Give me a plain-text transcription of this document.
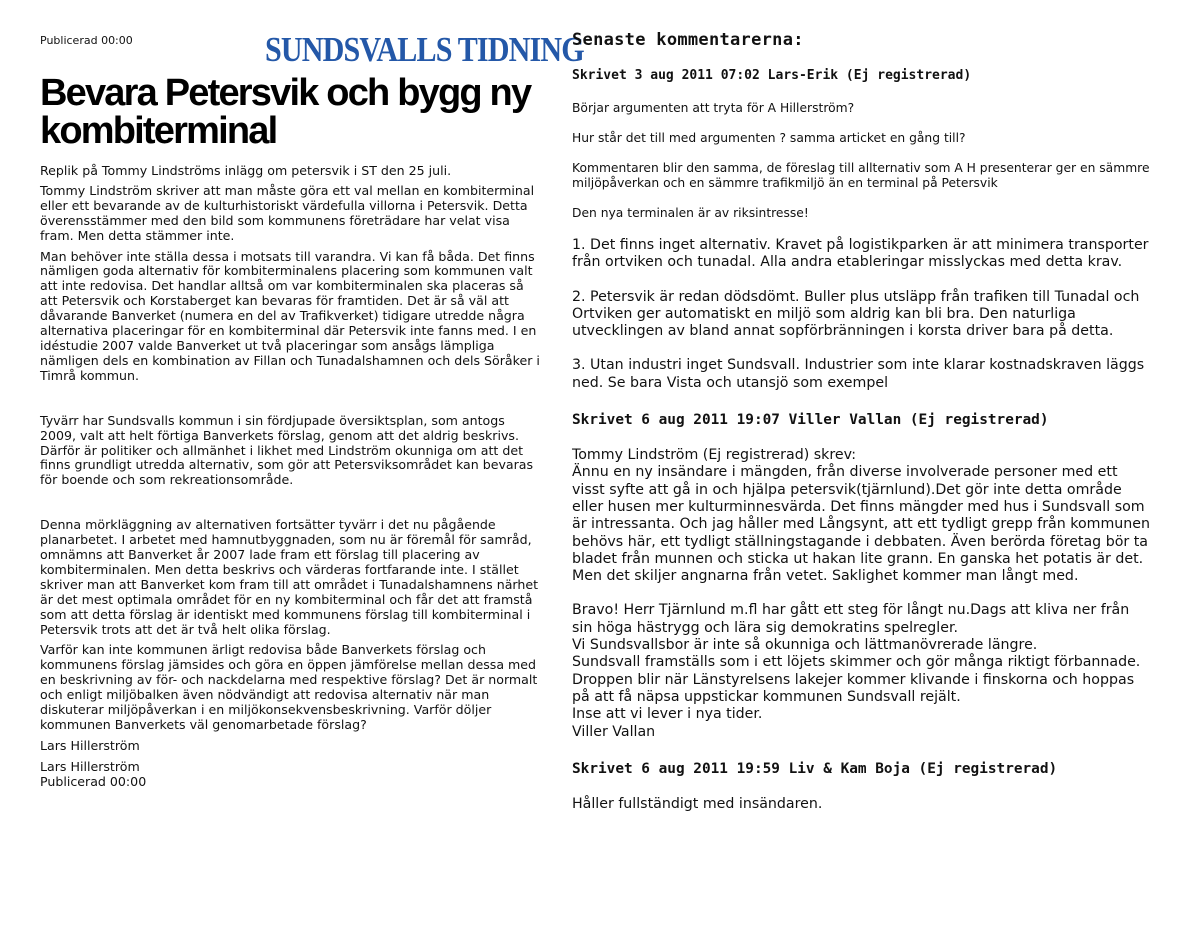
Publicerad 00:00	SUNDSVALLS TIDNING
Bevara Petersvik och bygg ny kombiterminal

Replik på Tommy Lindströms inlägg om petersvik i ST den 25 juli.

Tommy Lindström skriver att man måste göra ett val mellan en kombiterminal eller ett bevarande av de kulturhistoriskt värdefulla villorna i Petersvik. Detta överensstämmer med den bild som kommunens företrädare har velat visa fram. Men detta stämmer inte.

Man behöver inte ställa dessa i motsats till varandra. Vi kan få båda. Det finns nämligen goda alternativ för kombiterminalens placering som kommunen valt att inte redovisa. Det handlar alltså om var kombiterminalen ska placeras så att Petersvik och Korstaberget kan bevaras för framtiden. Det är så väl att dåvarande Banverket (numera en del av Trafikverket) tidigare utredde några alternativa placeringar för en kombiterminal där Petersvik inte fanns med. I en idéstudie 2007 valde Banverket ut två placeringar som ansågs lämpliga nämligen dels en kombination av Fillan och Tunadalshamnen och dels Söråker i Timrå kommun.

Tyvärr har Sundsvalls kommun i sin fördjupade översiktsplan, som antogs 2009, valt att helt förtiga Banverkets förslag, genom att det aldrig beskrivs. Därför är politiker och allmänhet i likhet med Lindström okunniga om att det finns grundligt utredda alternativ, som gör att Petersviksområdet kan bevaras för boende och som rekreationsområde.

Denna mörkläggning av alternativen fortsätter tyvärr i det nu pågående planarbetet. I arbetet med hamnutbyggnaden, som nu är föremål för samråd, omnämns att Banverket år 2007 lade fram ett förslag till placering av kombiterminalen. Men detta beskrivs och värderas fortfarande inte. I stället skriver man att Banverket kom fram till att området i Tunadalshamnens närhet är det mest optimala området för en ny kombiterminal och får det att framstå som att detta förslag är identiskt med kommunens förslag till kombiterminal i Petersvik trots att det är två helt olika förslag.

Varför kan inte kommunen ärligt redovisa både Banverkets förslag och kommunens förslag jämsides och göra en öppen jämförelse mellan dessa med en beskrivning av för- och nackdelarna med respektive förslag? Det är normalt och enligt miljöbalken även nödvändigt att redovisa alternativ när man diskuterar miljöpåverkan i en miljökonsekvensbeskrivning. Varför döljer kommunen Banverkets väl genomarbetade förslag?

Lars Hillerström

Lars Hillerström

Publicerad 00:00

Senaste kommentarerna:

Skrivet 3 aug 2011 07:02 Lars-Erik (Ej registrerad)

Börjar argumenten att tryta för A Hillerström?

Hur står det till med argumenten ? samma articket en gång till?

Kommentaren blir den samma, de föreslag till allternativ som A H presenterar ger en sämmre miljöpåverkan och en sämmre trafikmiljö än en terminal på Petersvik

Den nya terminalen är av riksintresse!

1. Det finns inget alternativ. Kravet på logistikparken är att minimera transporter från ortviken och tunadal. Alla andra etableringar misslyckas med detta krav.

2. Petersvik är redan dödsdömt. Buller plus utsläpp från trafiken till Tunadal och Ortviken ger automatiskt en miljö som aldrig kan bli bra. Den naturliga utvecklingen av bland annat sopförbränningen i korsta driver bara på detta.

3. Utan industri inget Sundsvall. Industrier som inte klarar kostnadskraven läggs ned. Se bara Vista och utansjö som exempel

Skrivet 6 aug 2011 19:07 Viller Vallan (Ej registrerad)

Tommy Lindström (Ej registrerad) skrev:

Ännu en ny insändare i mängden, från diverse involverade personer med ett visst syfte att gå in och hjälpa petersvik(tjärnlund).Det gör inte detta område eller husen mer kulturminnesvärda. Det finns mängder med hus i Sundsvall som är intressanta. Och jag håller med Långsynt, att ett tydligt grepp från kommunen behövs här, ett tydligt ställningstagande i debbaten. Även berörda företag bör ta bladet från munnen och sticka ut hakan lite grann. En ganska het potatis är det. Men det skiljer angnarna från vetet. Saklighet kommer man långt med.

Bravo! Herr Tjärnlund m.fl har gått ett steg för långt nu.Dags att kliva ner från sin höga hästrygg och lära sig demokratins spelregler.

Vi Sundsvallsbor är inte så okunniga och lättmanövrerade längre.

Sundsvall framställs som i ett löjets skimmer och gör många riktigt förbannade.

Droppen blir när Länstyrelsens lakejer kommer klivande i finskorna och hoppas på att få näpsa uppstickar kommunen Sundsvall rejält.

Inse att vi lever i nya tider.

Viller Vallan

Skrivet 6 aug 2011 19:59 Liv & Kam Boja (Ej registrerad)

Håller fullständigt med insändaren.
